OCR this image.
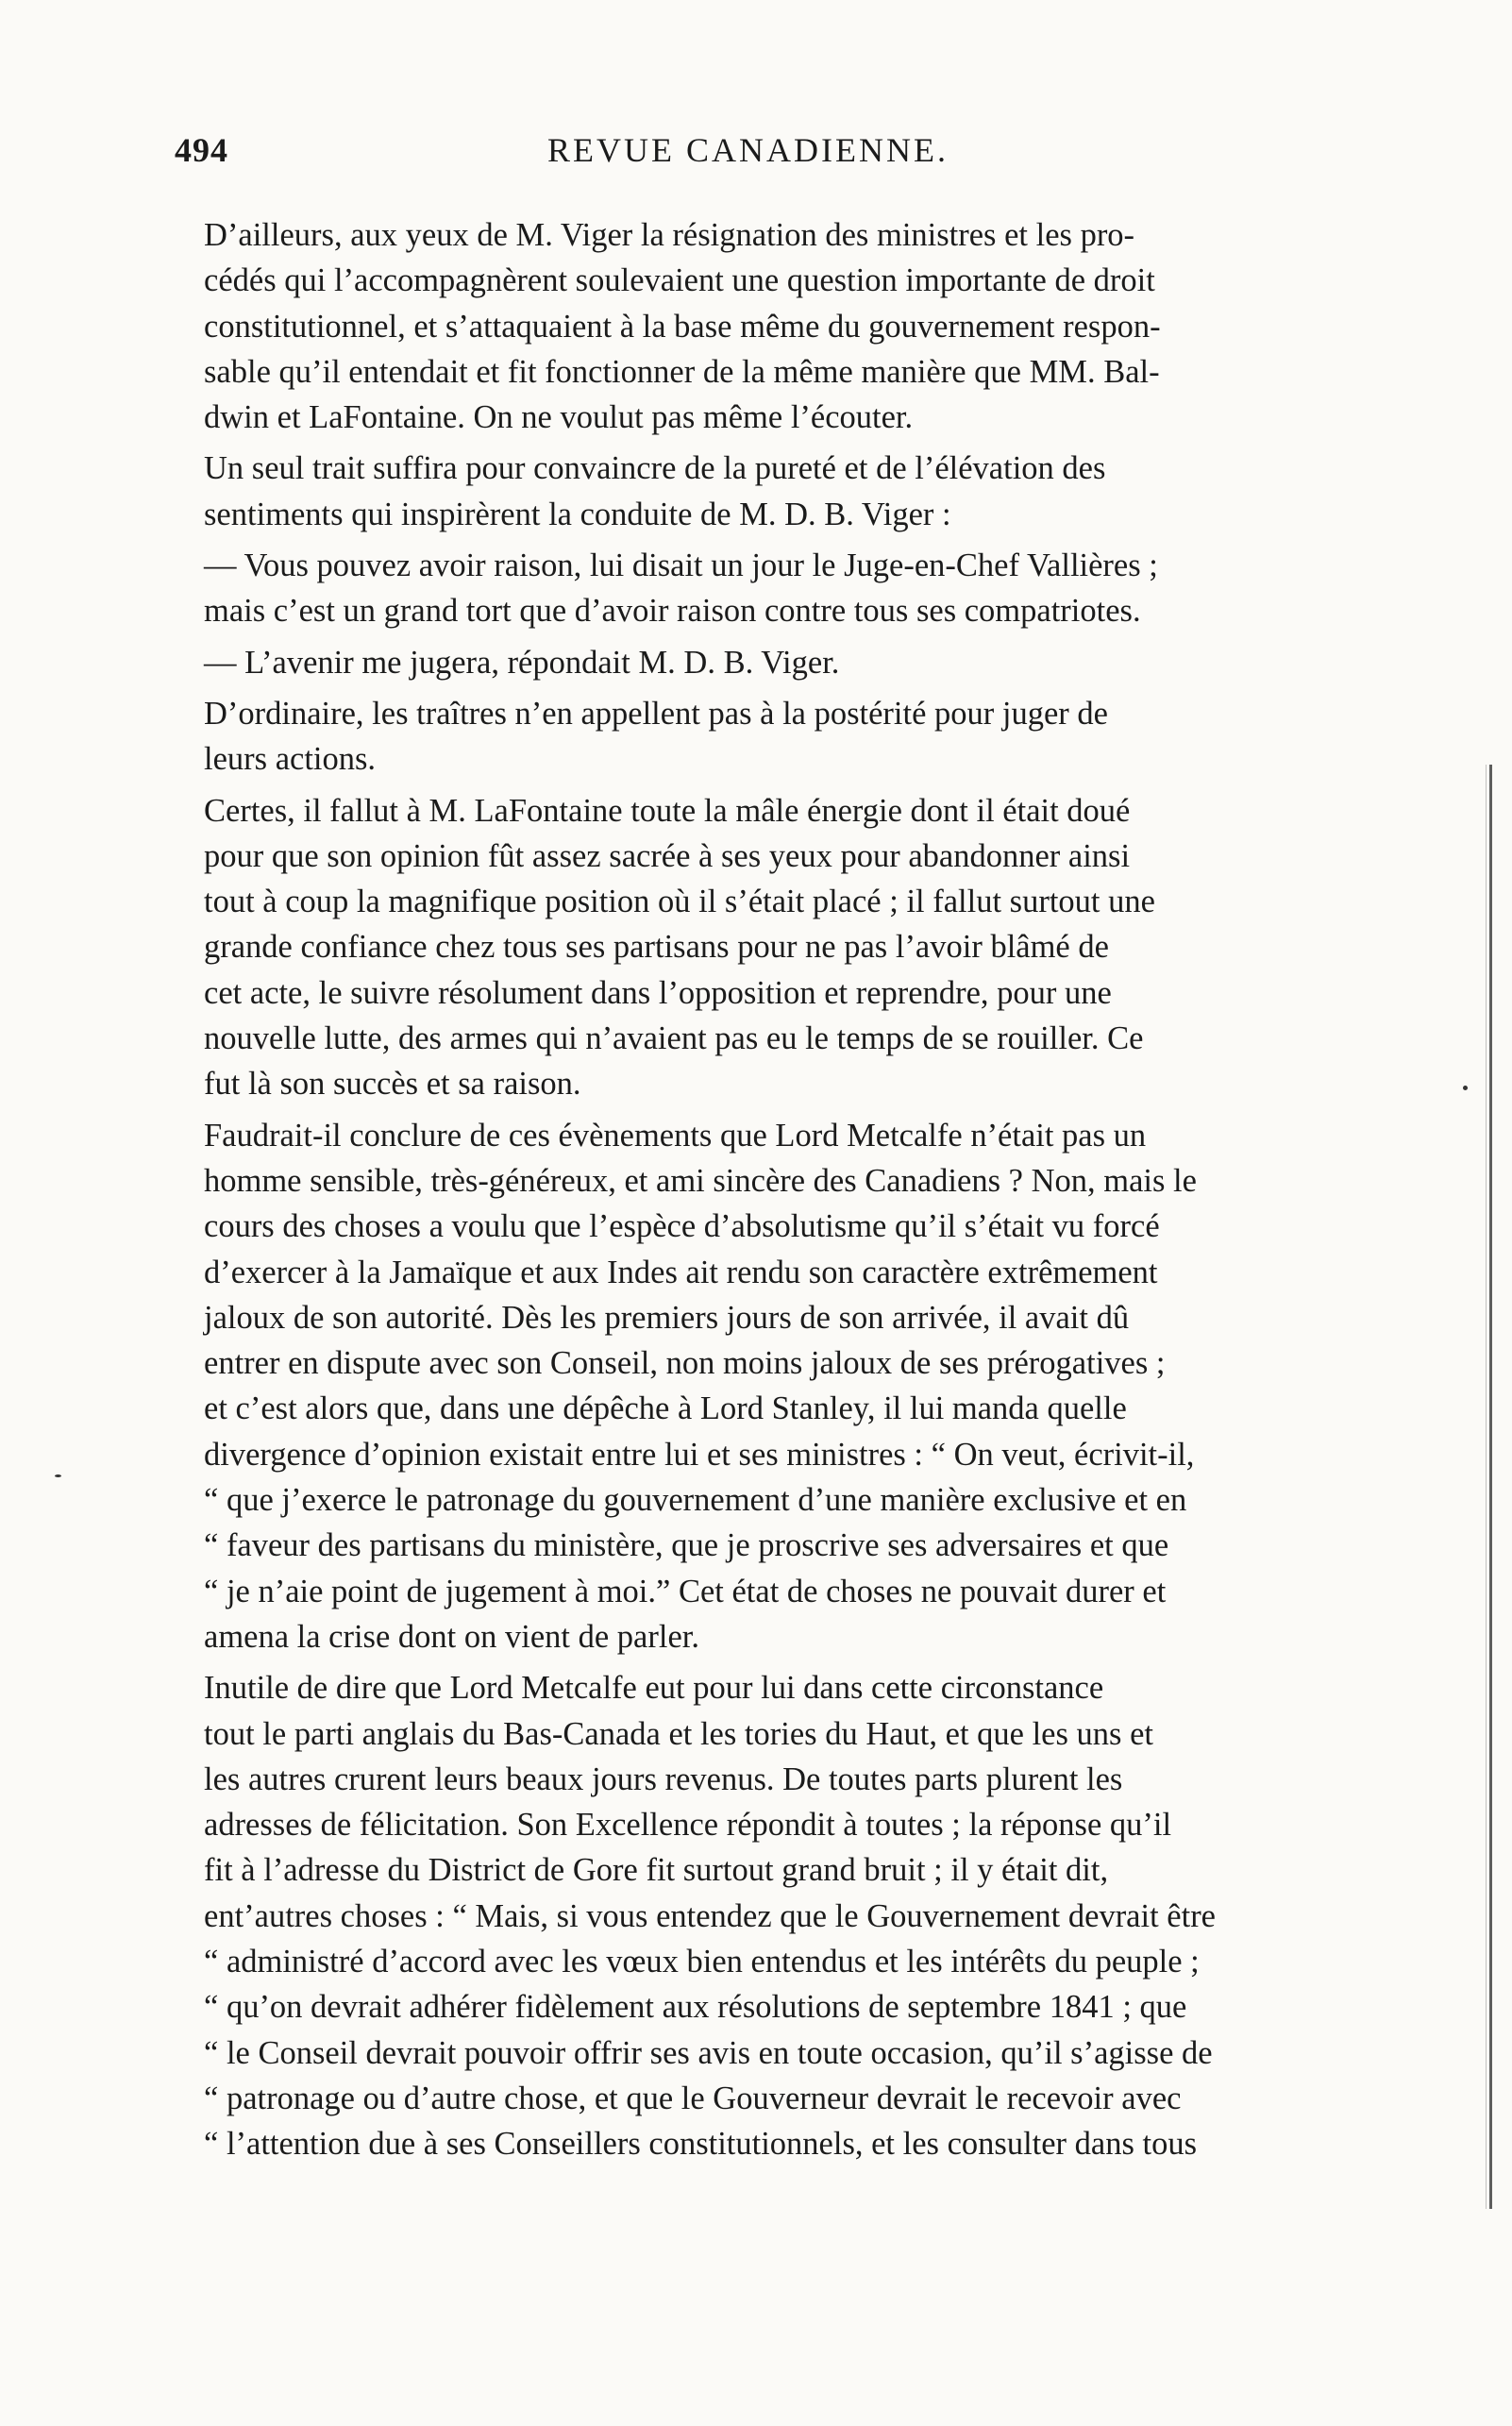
494	REVUE CANADIENNE.

D’ailleurs, aux yeux de M. Viger la résignation des ministres et les pro-
cédés qui l’accompagnèrent soulevaient une question importante de droit
constitutionnel, et s’attaquaient à la base même du gouvernement respon-
sable qu’il entendait et fit fonctionner de la même manière que MM. Bal-
dwin et LaFontaine. On ne voulut pas même l’écouter.

Un seul trait suffira pour convaincre de la pureté et de l’élévation des
sentiments qui inspirèrent la conduite de M. D. B. Viger :

— Vous pouvez avoir raison, lui disait un jour le Juge-en-Chef Vallières ;
mais c’est un grand tort que d’avoir raison contre tous ses compatriotes.

— L’avenir me jugera, répondait M. D. B. Viger.

D’ordinaire, les traîtres n’en appellent pas à la postérité pour juger de
leurs actions.

Certes, il fallut à M. LaFontaine toute la mâle énergie dont il était doué
pour que son opinion fût assez sacrée à ses yeux pour abandonner ainsi
tout à coup la magnifique position où il s’était placé ; il fallut surtout une
grande confiance chez tous ses partisans pour ne pas l’avoir blâmé de
cet acte, le suivre résolument dans l’opposition et reprendre, pour une
nouvelle lutte, des armes qui n’avaient pas eu le temps de se rouiller. Ce
fut là son succès et sa raison.

Faudrait-il conclure de ces évènements que Lord Metcalfe n’était pas un
homme sensible, très-généreux, et ami sincère des Canadiens ? Non, mais le
cours des choses a voulu que l’espèce d’absolutisme qu’il s’était vu forcé
d’exercer à la Jamaïque et aux Indes ait rendu son caractère extrêmement
jaloux de son autorité. Dès les premiers jours de son arrivée, il avait dû
entrer en dispute avec son Conseil, non moins jaloux de ses prérogatives ;
et c’est alors que, dans une dépêche à Lord Stanley, il lui manda quelle
divergence d’opinion existait entre lui et ses ministres : “ On veut, écrivit-il,
“ que j’exerce le patronage du gouvernement d’une manière exclusive et en
“ faveur des partisans du ministère, que je proscrive ses adversaires et que
“ je n’aie point de jugement à moi.” Cet état de choses ne pouvait durer et
amena la crise dont on vient de parler.

Inutile de dire que Lord Metcalfe eut pour lui dans cette circonstance
tout le parti anglais du Bas-Canada et les tories du Haut, et que les uns et
les autres crurent leurs beaux jours revenus. De toutes parts plurent les
adresses de félicitation. Son Excellence répondit à toutes ; la réponse qu’il
fit à l’adresse du District de Gore fit surtout grand bruit ; il y était dit,
ent’autres choses : “ Mais, si vous entendez que le Gouvernement devrait être
“ administré d’accord avec les vœux bien entendus et les intérêts du peuple ;
“ qu’on devrait adhérer fidèlement aux résolutions de septembre 1841 ; que
“ le Conseil devrait pouvoir offrir ses avis en toute occasion, qu’il s’agisse de
“ patronage ou d’autre chose, et que le Gouverneur devrait le recevoir avec
“ l’attention due à ses Conseillers constitutionnels, et les consulter dans tous
